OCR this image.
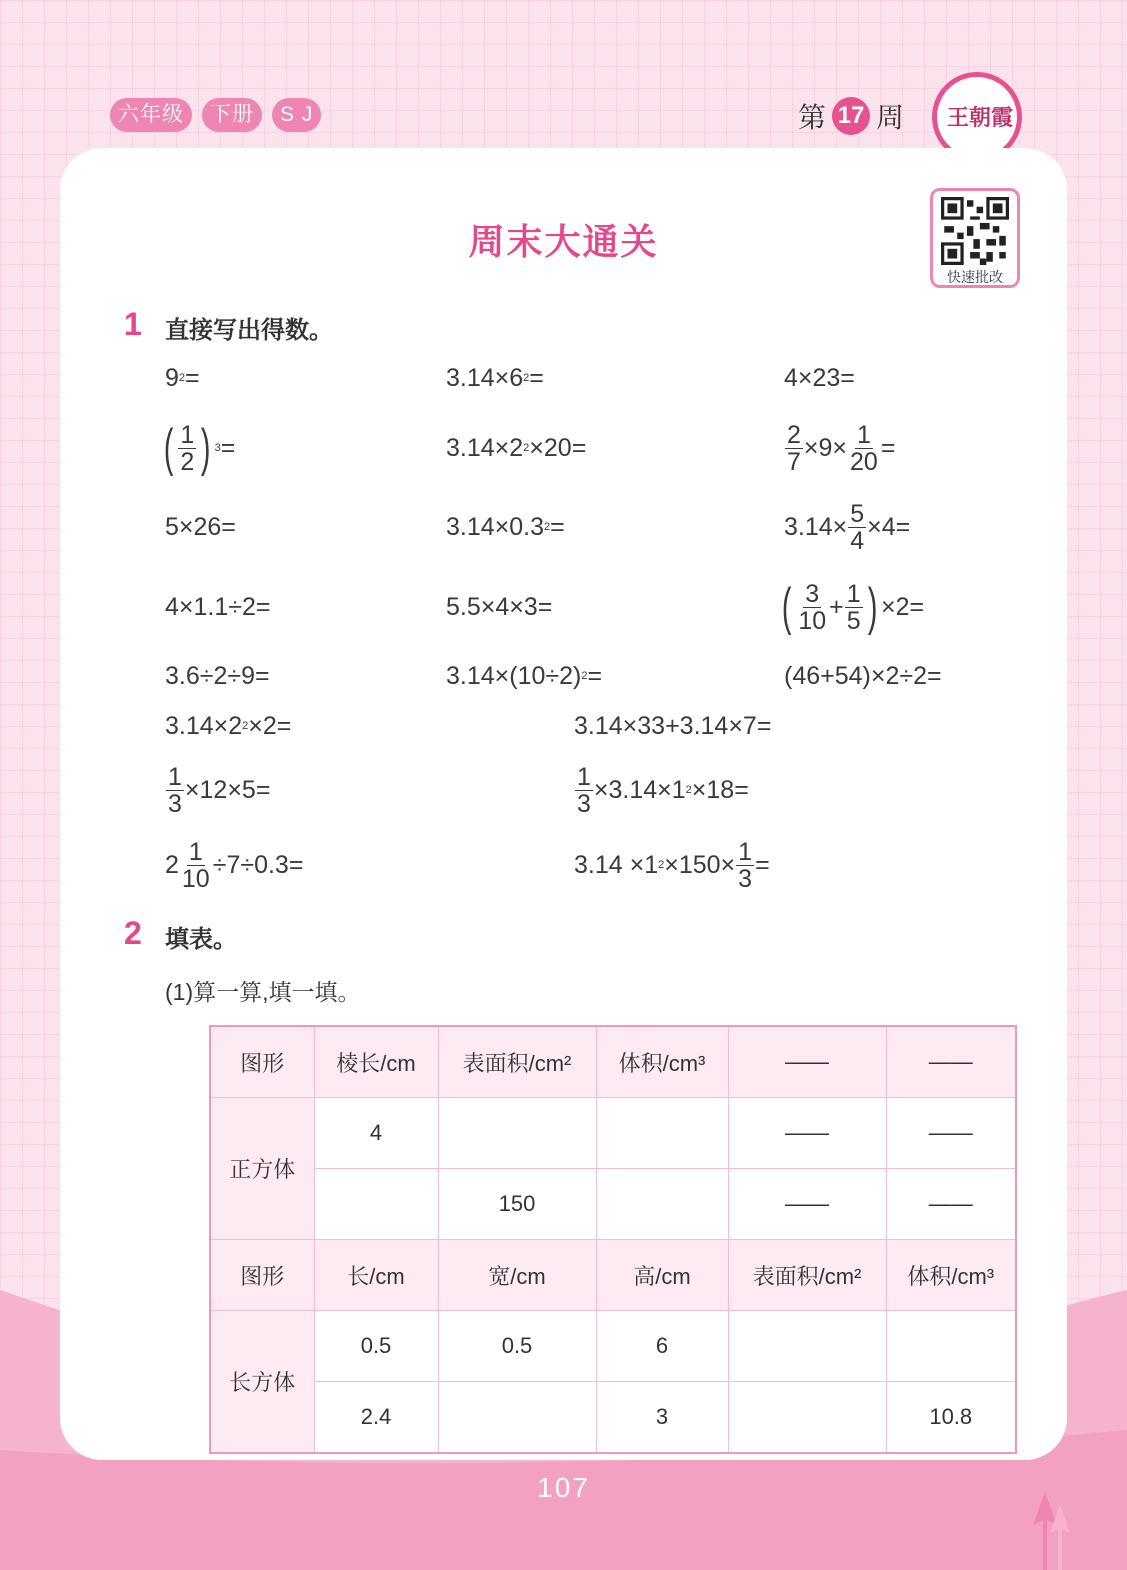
六年级	下册	S J	第 17 周 王朝霞
周末大通关
快速批改
1 直接写出得数。
9 2 =	3.14×6 2 =	4×23=
( $\frac{1}{2}$ ) 3 =	3.14×2 2 ×20=	$\frac{2}{7} \times 9\times \frac{1}{20}$ =
5×26=	3.14×0.3 2 =	$3.14\times \frac{5}{4} \times 4=$
4×1.1÷2=	5.5×4×3=	( $\frac{3}{10} + \frac{1}{5}$ ) ×2=
3.6÷2÷9=	3.14×(10÷2) 2 =	(46+54)×2÷2=
3.14×2 2 ×2=	3.14×33+3.14×7=
$\frac{1}{3} \times 12\times 5=$	$\frac{1}{3} \times 3.14\times 1$ 2 ×18=
$2 \frac{1}{10} \div 7\div 0.3=$	3.14 ×1 $2 \times 150\times \frac{1}{3}$ =
2 填表。
(1)算一算,填一填。
图形	棱长/cm	表面积/cm²	体积/cm³	——	——
正方体	4			——	——
		150		——	——
图形	长/cm	宽/cm	高/cm	表面积/cm²	体积/cm³
长方体	0.5	0.5	6		
	2.4		3		10.8
107
